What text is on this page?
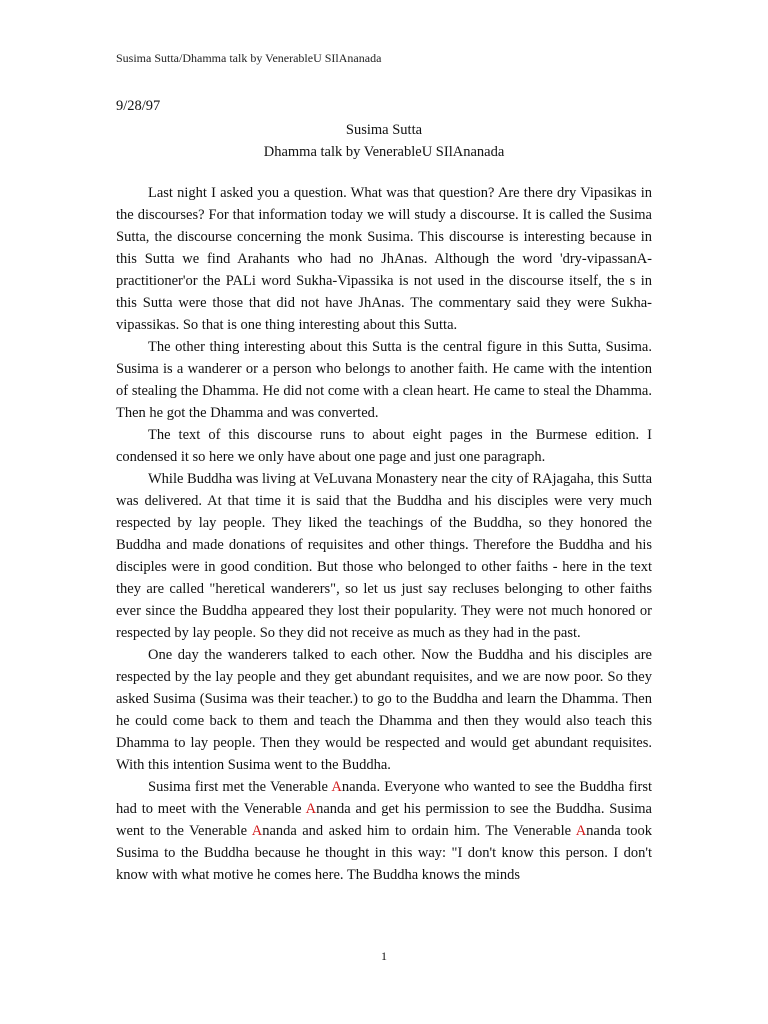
Susima Sutta/Dhamma talk by VenerableU SIlAnanada
9/28/97
Susima Sutta
Dhamma talk by VenerableU SIlAnanada

Last night I asked you a question. What was that question? Are there dry Vipasikas in the discourses? For that information today we will study a discourse. It is called the Susima Sutta, the discourse concerning the monk Susima. This discourse is interesting because in this Sutta we find Arahants who had no JhAnas. Although the word 'dry-vipassanA-practitioner'or the PALi word Sukha-Vipassika is not used in the discourse itself, the s in this Sutta were those that did not have JhAnas. The commentary said they were Sukha-vipassikas. So that is one thing interesting about this Sutta.

The other thing interesting about this Sutta is the central figure in this Sutta, Susima. Susima is a wanderer or a person who belongs to another faith. He came with the intention of stealing the Dhamma. He did not come with a clean heart. He came to steal the Dhamma. Then he got the Dhamma and was converted.

The text of this discourse runs to about eight pages in the Burmese edition. I condensed it so here we only have about one page and just one paragraph.

While Buddha was living at VeLuvana Monastery near the city of RAjagaha, this Sutta was delivered. At that time it is said that the Buddha and his disciples were very much respected by lay people. They liked the teachings of the Buddha, so they honored the Buddha and made donations of requisites and other things. Therefore the Buddha and his disciples were in good condition. But those who belonged to other faiths - here in the text they are called "heretical wanderers", so let us just say recluses belonging to other faiths ever since the Buddha appeared they lost their popularity. They were not much honored or respected by lay people. So they did not receive as much as they had in the past.

One day the wanderers talked to each other. Now the Buddha and his disciples are respected by the lay people and they get abundant requisites, and we are now poor. So they asked Susima (Susima was their teacher.) to go to the Buddha and learn the Dhamma. Then he could come back to them and teach the Dhamma and then they would also teach this Dhamma to lay people. Then they would be respected and would get abundant requisites. With this intention Susima went to the Buddha.

Susima first met the Venerable Ananda. Everyone who wanted to see the Buddha first had to meet with the Venerable Ananda and get his permission to see the Buddha. Susima went to the Venerable Ananda and asked him to ordain him. The Venerable Ananda took Susima to the Buddha because he thought in this way: "I don't know this person. I don't know with what motive he comes here. The Buddha knows the minds

1
